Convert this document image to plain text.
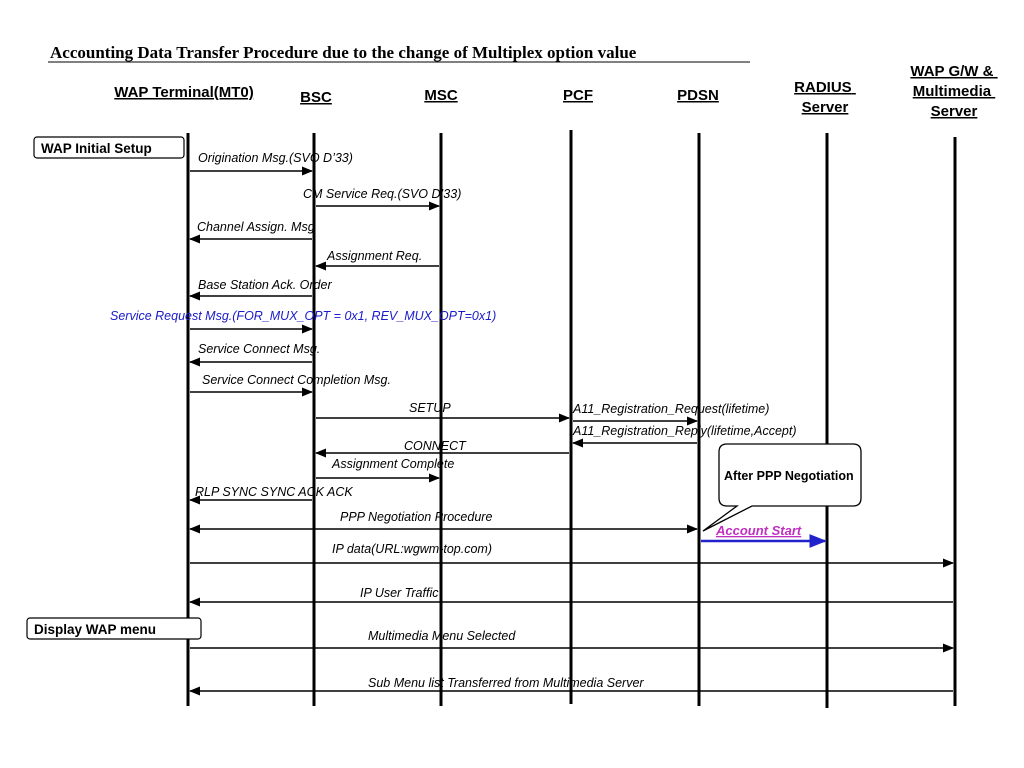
Accounting Data Transfer Procedure due to the change of Multiplex option value
WAP Terminal(MT0)	BSC	MSC	PCF	PDSN	RADIUS Server
WAP G/W & Multimedia Server
WAP Initial Setup
Display WAP menu
Origination Msg.(SVO D’33)
CM Service Req.(SVO D’33)
Channel Assign. Msg
Assignment Req.
Base Station Ack. Order
Service Request Msg.(FOR_MUX_OPT = 0x1, REV_MUX_OPT=0x1)
Service Connect Msg.
Service Connect Completion Msg.
SETUP	A11_Registration_Request(lifetime)
A11_Registration_Reply(lifetime,Accept)
CONNECT
Assignment Complete
RLP SYNC SYNC ACK ACK
PPP Negotiation Procedure
Account Start
IP data(URL:wgwm-top.com)
IP User Traffic
Multimedia Menu Selected
Sub Menu list Transferred from Multimedia Server
After PPP Negotiation
